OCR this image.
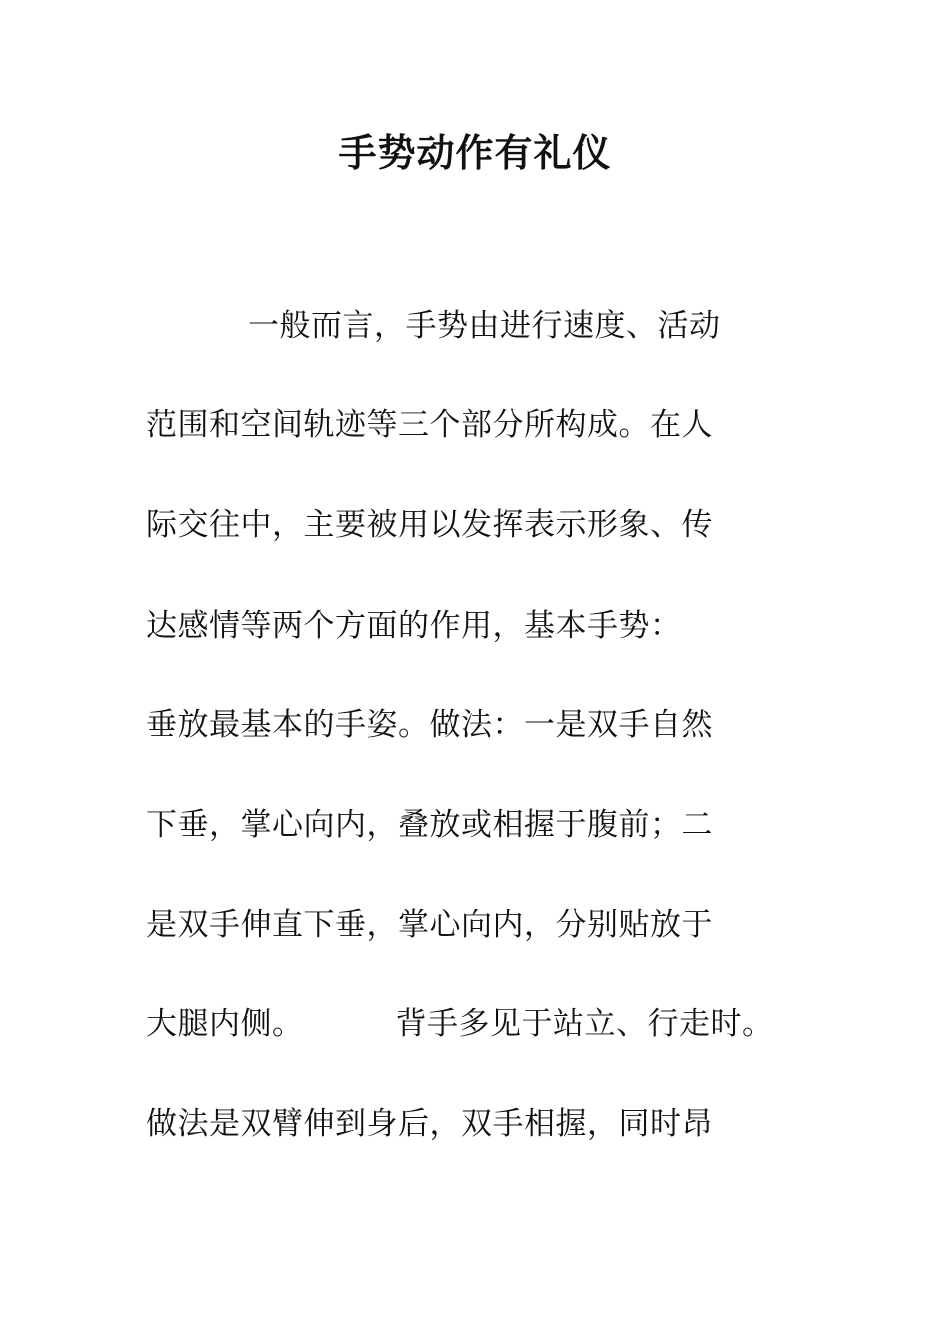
手势动作有礼仪
一般而言，手势由进行速度、活动
范围和空间轨迹等三个部分所构成。在人
际交往中，主要被用以发挥表示形象、传
达感情等两个方面的作用，基本手势：
垂放最基本的手姿。做法：一是双手自然
下垂，掌心向内，叠放或相握于腹前；二
是双手伸直下垂，掌心向内，分别贴放于
大腿内侧。	背手多见于站立、行走时。
做法是双臂伸到身后，双手相握，同时昂
